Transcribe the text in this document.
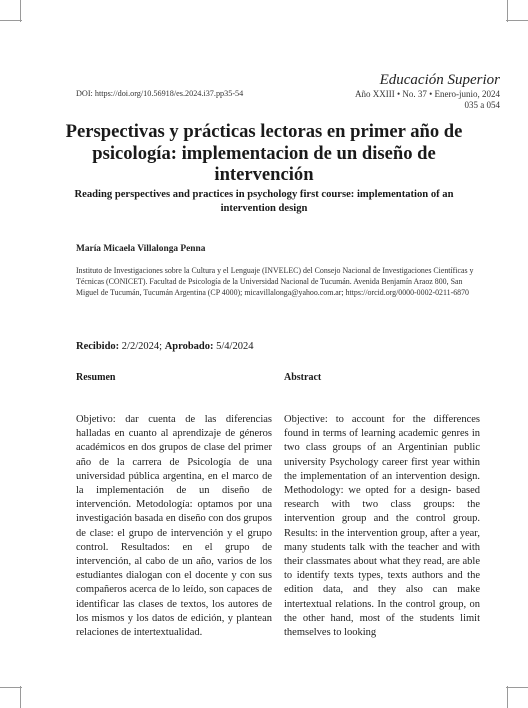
Educación Superior
DOI: https://doi.org/10.56918/es.2024.i37.pp35-54	Año XXIII • No. 37 • Enero-junio, 2024
035 a 054
Perspectivas y prácticas lectoras en primer año de psicología: implementacion de un diseño de intervención
Reading perspectives and practices in psychology first course: implementation of an intervention design
María Micaela Villalonga Penna

Instituto de Investigaciones sobre la Cultura y el Lenguaje (INVELEC) del Consejo Nacional de Investigaciones Científicas y Técnicas (CONICET). Facultad de Psicología de la Universidad Nacional de Tucumán. Avenida Benjamín Araoz 800, San Miguel de Tucumán, Tucumán Argentina (CP 4000); micavillalonga@yahoo.com.ar; https://orcid.org/0000-0002-0211-6870

Recibido: 2/2/2024; Aprobado: 5/4/2024
Resumen	Abstract

Objetivo: dar cuenta de las diferencias halladas en cuanto al aprendizaje de géneros académicos en dos grupos de clase del primer año de la carrera de Psicología de una universidad pública argentina, en el marco de la implementación de un diseño de intervención. Metodología: optamos por una investigación basada en diseño con dos grupos de clase: el grupo de intervención y el grupo control. Resultados: en el grupo de intervención, al cabo de un año, varios de los estudiantes dialogan con el docente y con sus compañeros acerca de lo leído, son capaces de identificar las clases de textos, los autores de los mismos y los datos de edición, y plantean relaciones de intertextualidad.

Objective: to account for the differences found in terms of learning academic genres in two class groups of an Argentinian public university Psychology career first year within the implementation of an intervention design. Methodology: we opted for a design- based research with two class groups: the intervention group and the control group. Results: in the intervention group, after a year, many students talk with the teacher and with their classmates about what they read, are able to identify texts types, texts authors and the edition data, and they also can make intertextual relations. In the control group, on the other hand, most of the students limit themselves to looking
